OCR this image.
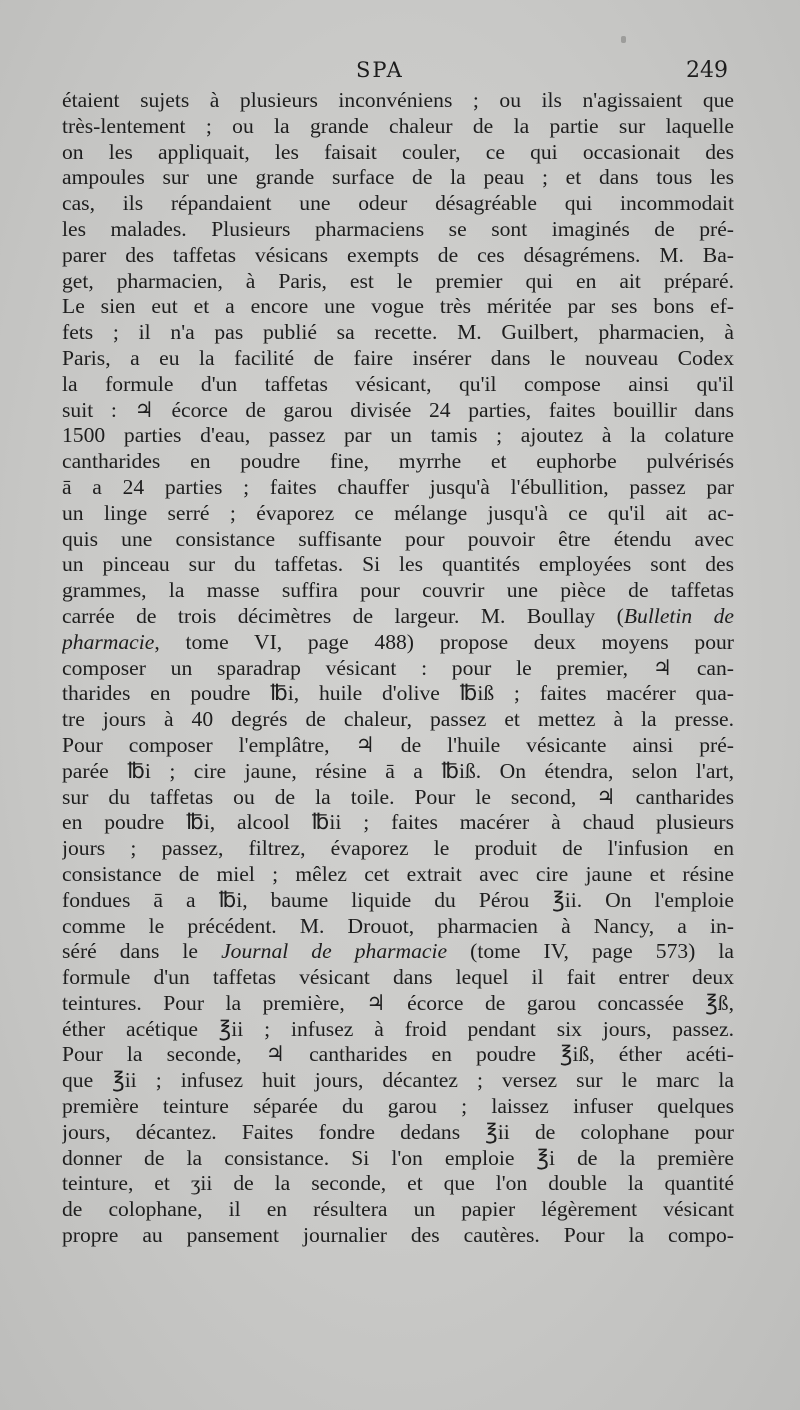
SPA	249
étaient sujets à plusieurs inconvéniens ; ou ils n'agissaient que
très-lentement ; ou la grande chaleur de la partie sur laquelle
on les appliquait, les faisait couler, ce qui occasionait des
ampoules sur une grande surface de la peau ; et dans tous les
cas, ils répandaient une odeur désagréable qui incommodait
les malades. Plusieurs pharmaciens se sont imaginés de pré-
parer des taffetas vésicans exempts de ces désagrémens. M. Ba-
get, pharmacien, à Paris, est le premier qui en ait préparé.
Le sien eut et a encore une vogue très méritée par ses bons ef-
fets ; il n'a pas publié sa recette. M. Guilbert, pharmacien, à
Paris, a eu la facilité de faire insérer dans le nouveau Codex
la formule d'un taffetas vésicant, qu'il compose ainsi qu'il
suit : ♃ écorce de garou divisée 24 parties, faites bouillir dans
1500 parties d'eau, passez par un tamis ; ajoutez à la colature
cantharides en poudre fine, myrrhe et euphorbe pulvérisés
ā a 24 parties ; faites chauffer jusqu'à l'ébullition, passez par
un linge serré ; évaporez ce mélange jusqu'à ce qu'il ait ac-
quis une consistance suffisante pour pouvoir être étendu avec
un pinceau sur du taffetas. Si les quantités employées sont des
grammes, la masse suffira pour couvrir une pièce de taffetas
carrée de trois décimètres de largeur. M. Boullay (Bulletin de
pharmacie, tome VI, page 488) propose deux moyens pour
composer un sparadrap vésicant : pour le premier, ♃ can-
tharides en poudre ℔i, huile d'olive ℔iß ; faites macérer qua-
tre jours à 40 degrés de chaleur, passez et mettez à la presse.
Pour composer l'emplâtre, ♃ de l'huile vésicante ainsi pré-
parée ℔i ; cire jaune, résine ā a ℔iß. On étendra, selon l'art,
sur du taffetas ou de la toile. Pour le second, ♃ cantharides
en poudre ℔i, alcool ℔ii ; faites macérer à chaud plusieurs
jours ; passez, filtrez, évaporez le produit de l'infusion en
consistance de miel ; mêlez cet extrait avec cire jaune et résine
fondues ā a ℔i, baume liquide du Pérou ℥ii. On l'emploie
comme le précédent. M. Drouot, pharmacien à Nancy, a in-
séré dans le Journal de pharmacie (tome IV, page 573) la
formule d'un taffetas vésicant dans lequel il fait entrer deux
teintures. Pour la première, ♃ écorce de garou concassée ℥ß,
éther acétique ℥ii ; infusez à froid pendant six jours, passez.
Pour la seconde, ♃ cantharides en poudre ℥iß, éther acéti-
que ℥ii ; infusez huit jours, décantez ; versez sur le marc la
première teinture séparée du garou ; laissez infuser quelques
jours, décantez. Faites fondre dedans ℥ii de colophane pour
donner de la consistance. Si l'on emploie ℥i de la première
teinture, et ʒii de la seconde, et que l'on double la quantité
de colophane, il en résultera un papier légèrement vésicant
propre au pansement journalier des cautères. Pour la compo-
